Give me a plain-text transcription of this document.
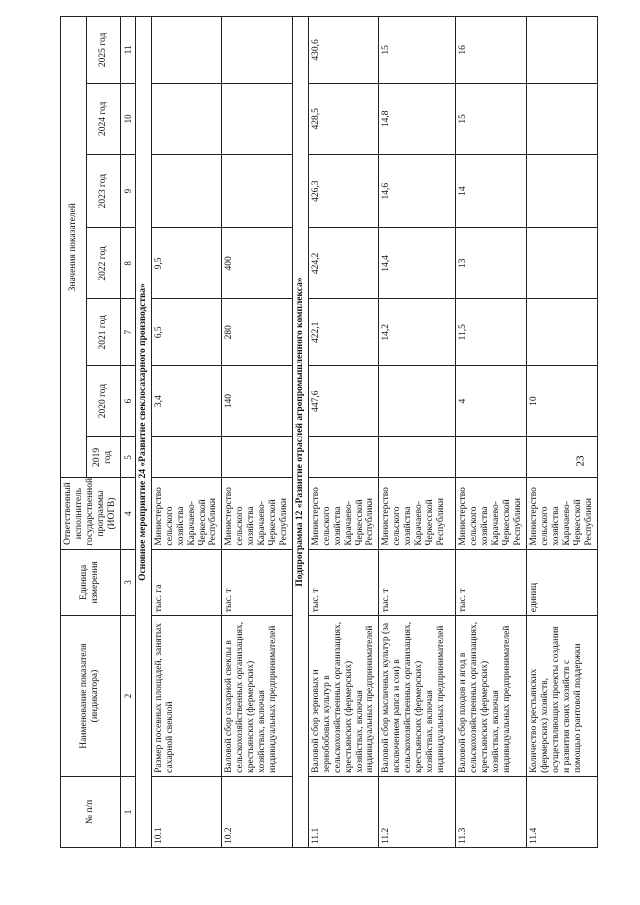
№ п/п	Наименование показателя (индикатора)	Единица измерения	Ответственный исполнитель государственной программы (ИОГВ)	Значения показателей						
				2019 год	2020 год	2021 год	2022 год	2023 год	2024 год	2025 год
1	2	3	4	5	6	7	8	9	10	11
Основное мероприятие 24 «Развитие свеклосахарного производства»										
10.1	Размер посевных площадей, занятых сахарной свеклой	тыс. га	Министерство сельского хозяйства Карачаево-Черкесской Республики		3,4	6,5	9,5			
10.2	Валовой сбор сахарной свеклы в сельскохозяйственных организациях, крестьянских (фермерских) хозяйствах, включая индивидуальных предпринимателей	тыс. т	Министерство сельского хозяйства Карачаево-Черкесской Республики		140	280	400			
Подпрограмма 12 «Развитие отраслей агропромышленного комплекса»										
11.1	Валовой сбор зерновых и зернобобовых культур в сельскохозяйственных организациях, крестьянских (фермерских) хозяйствах, включая индивидуальных предпринимателей	тыс. т	Министерство сельского хозяйства Карачаево-Черкесской Республики		447,6	422,1	424,2	426,3	428,5	430,6
11.2	Валовой сбор масличных культур (за исключением рапса и сои) в сельскохозяйственных организациях, крестьянских (фермерских) хозяйствах, включая индивидуальных предпринимателей	тыс. т	Министерство сельского хозяйства Карачаево-Черкесской Республики			14,2	14,4	14,6	14,8	15
11.3	Валовой сбор плодов и ягод в сельскохозяйственных организациях, крестьянских (фермерских) хозяйствах, включая индивидуальных предпринимателей	тыс. т	Министерство сельского хозяйства Карачаево-Черкесской Республики		4	11,5	13	14	15	16
11.4	Количество крестьянских (фермерских) хозяйств, осуществляющих проекты создания и развития своих хозяйств с помощью грантовой поддержки	единиц	Министерство сельского хозяйства Карачаево-Черкесской Республики		10					
23
